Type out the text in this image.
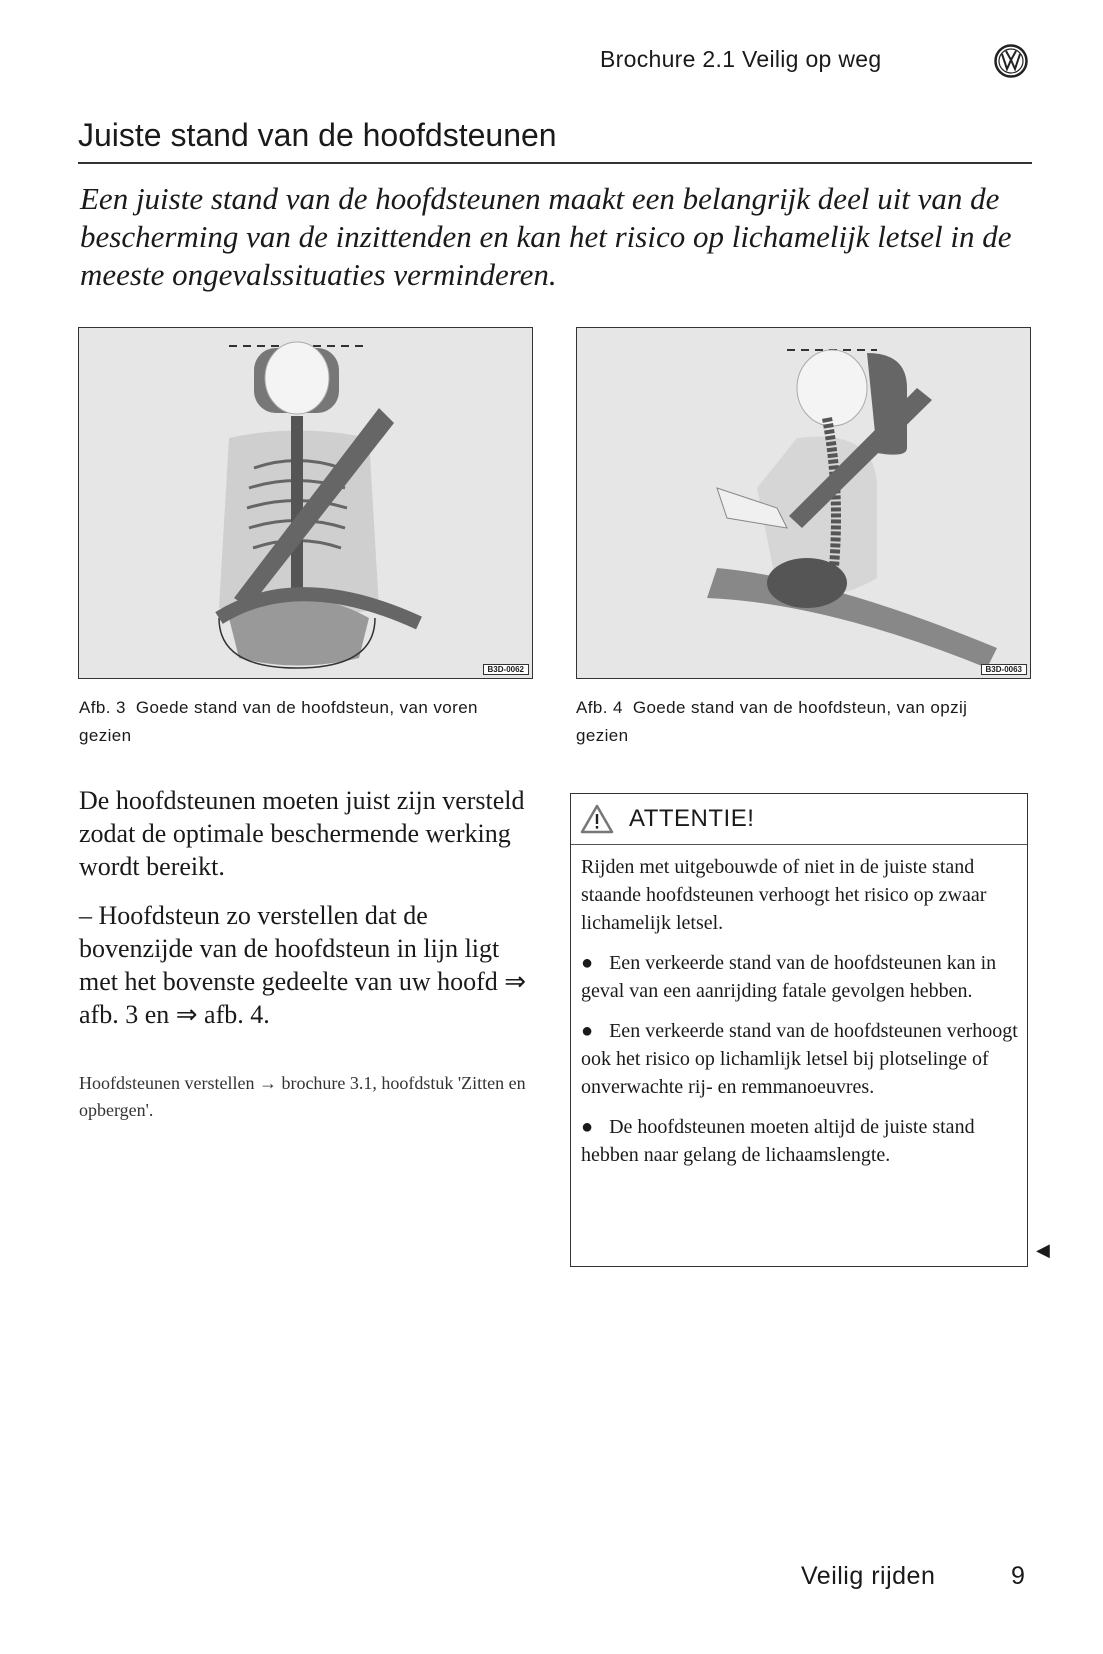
Brochure 2.1 Veilig op weg
Juiste stand van de hoofdsteunen
Een juiste stand van de hoofdsteunen maakt een belangrijk deel uit van de bescherming van de inzittenden en kan het risico op lichamelijk letsel in de meeste ongevalssituaties verminderen.
B3D-0062	B3D-0063
Afb. 3 Goede stand van de hoofdsteun, van voren gezien
Afb. 4 Goede stand van de hoofdsteun, van opzij gezien

De hoofdsteunen moeten juist zijn versteld zodat de optimale beschermende werking wordt bereikt.

– Hoofdsteun zo verstellen dat de bovenzijde van de hoofdsteun in lijn ligt met het bovenste gedeelte van uw hoofd ⇒ afb. 3 en ⇒ afb. 4.

Hoofdsteunen verstellen → brochure 3.1, hoofdstuk 'Zitten en opbergen'.
ATTENTIE!

Rijden met uitgebouwde of niet in de juiste stand staande hoofdsteunen verhoogt het risico op zwaar lichamelijk letsel.

● Een verkeerde stand van de hoofdsteunen kan in geval van een aanrijding fatale gevolgen hebben.

● Een verkeerde stand van de hoofdsteunen verhoogt ook het risico op lichamlijk letsel bij plotselinge of onverwachte rij- en remmanoeuvres.

● De hoofdsteunen moeten altijd de juiste stand hebben naar gelang de lichaamslengte.

◀
Veilig rijden	9
